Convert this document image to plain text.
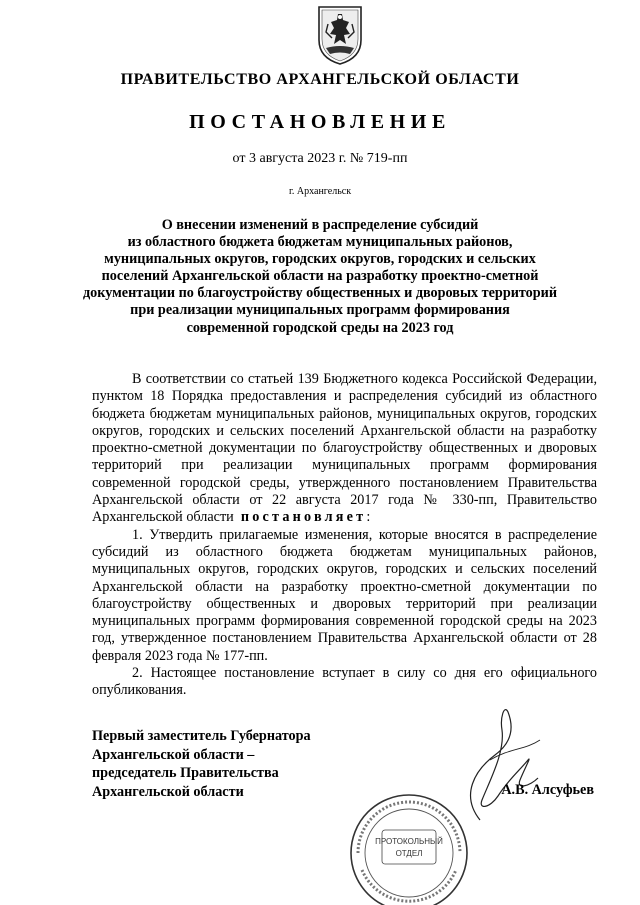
ПРАВИТЕЛЬСТВО АРХАНГЕЛЬСКОЙ ОБЛАСТИ
ПОСТАНОВЛЕНИЕ
от 3 августа 2023 г. № 719-пп
г. Архангельск
О внесении изменений в распределение субсидий
из областного бюджета бюджетам муниципальных районов,
муниципальных округов, городских округов, городских и сельских
поселений Архангельской области на разработку проектно-сметной
документации по благоустройству общественных и дворовых территорий
при реализации муниципальных программ формирования
современной городской среды на 2023 год

В соответствии со статьей 139 Бюджетного кодекса Российской Федерации, пунктом 18 Порядка предоставления и распределения субсидий из областного бюджета бюджетам муниципальных районов, муниципальных округов, городских округов, городских и сельских поселений Архангельской области на разработку проектно-сметной документации по благоустройству общественных и дворовых территорий при реализации муниципальных программ формирования современной городской среды, утвержденного постановлением Правительства Архангельской области от 22 августа 2017 года № 330-пп, Правительство Архангельской области постановляет:

1. Утвердить прилагаемые изменения, которые вносятся в распределение субсидий из областного бюджета бюджетам муниципальных районов, муниципальных округов, городских округов, городских и сельских поселений Архангельской области на разработку проектно-сметной документации по благоустройству общественных и дворовых территорий при реализации муниципальных программ формирования современной городской среды на 2023 год, утвержденное постановлением Правительства Архангельской области от 28 февраля 2023 года № 177-пп.

2. Настоящее постановление вступает в силу со дня его официального опубликования.

ПРОТОКОЛЬНЫЙ
ОТДЕЛ
Первый заместитель Губернатора
Архангельской области –
председатель Правительства
Архангельской области	А.В. Алсуфьев
